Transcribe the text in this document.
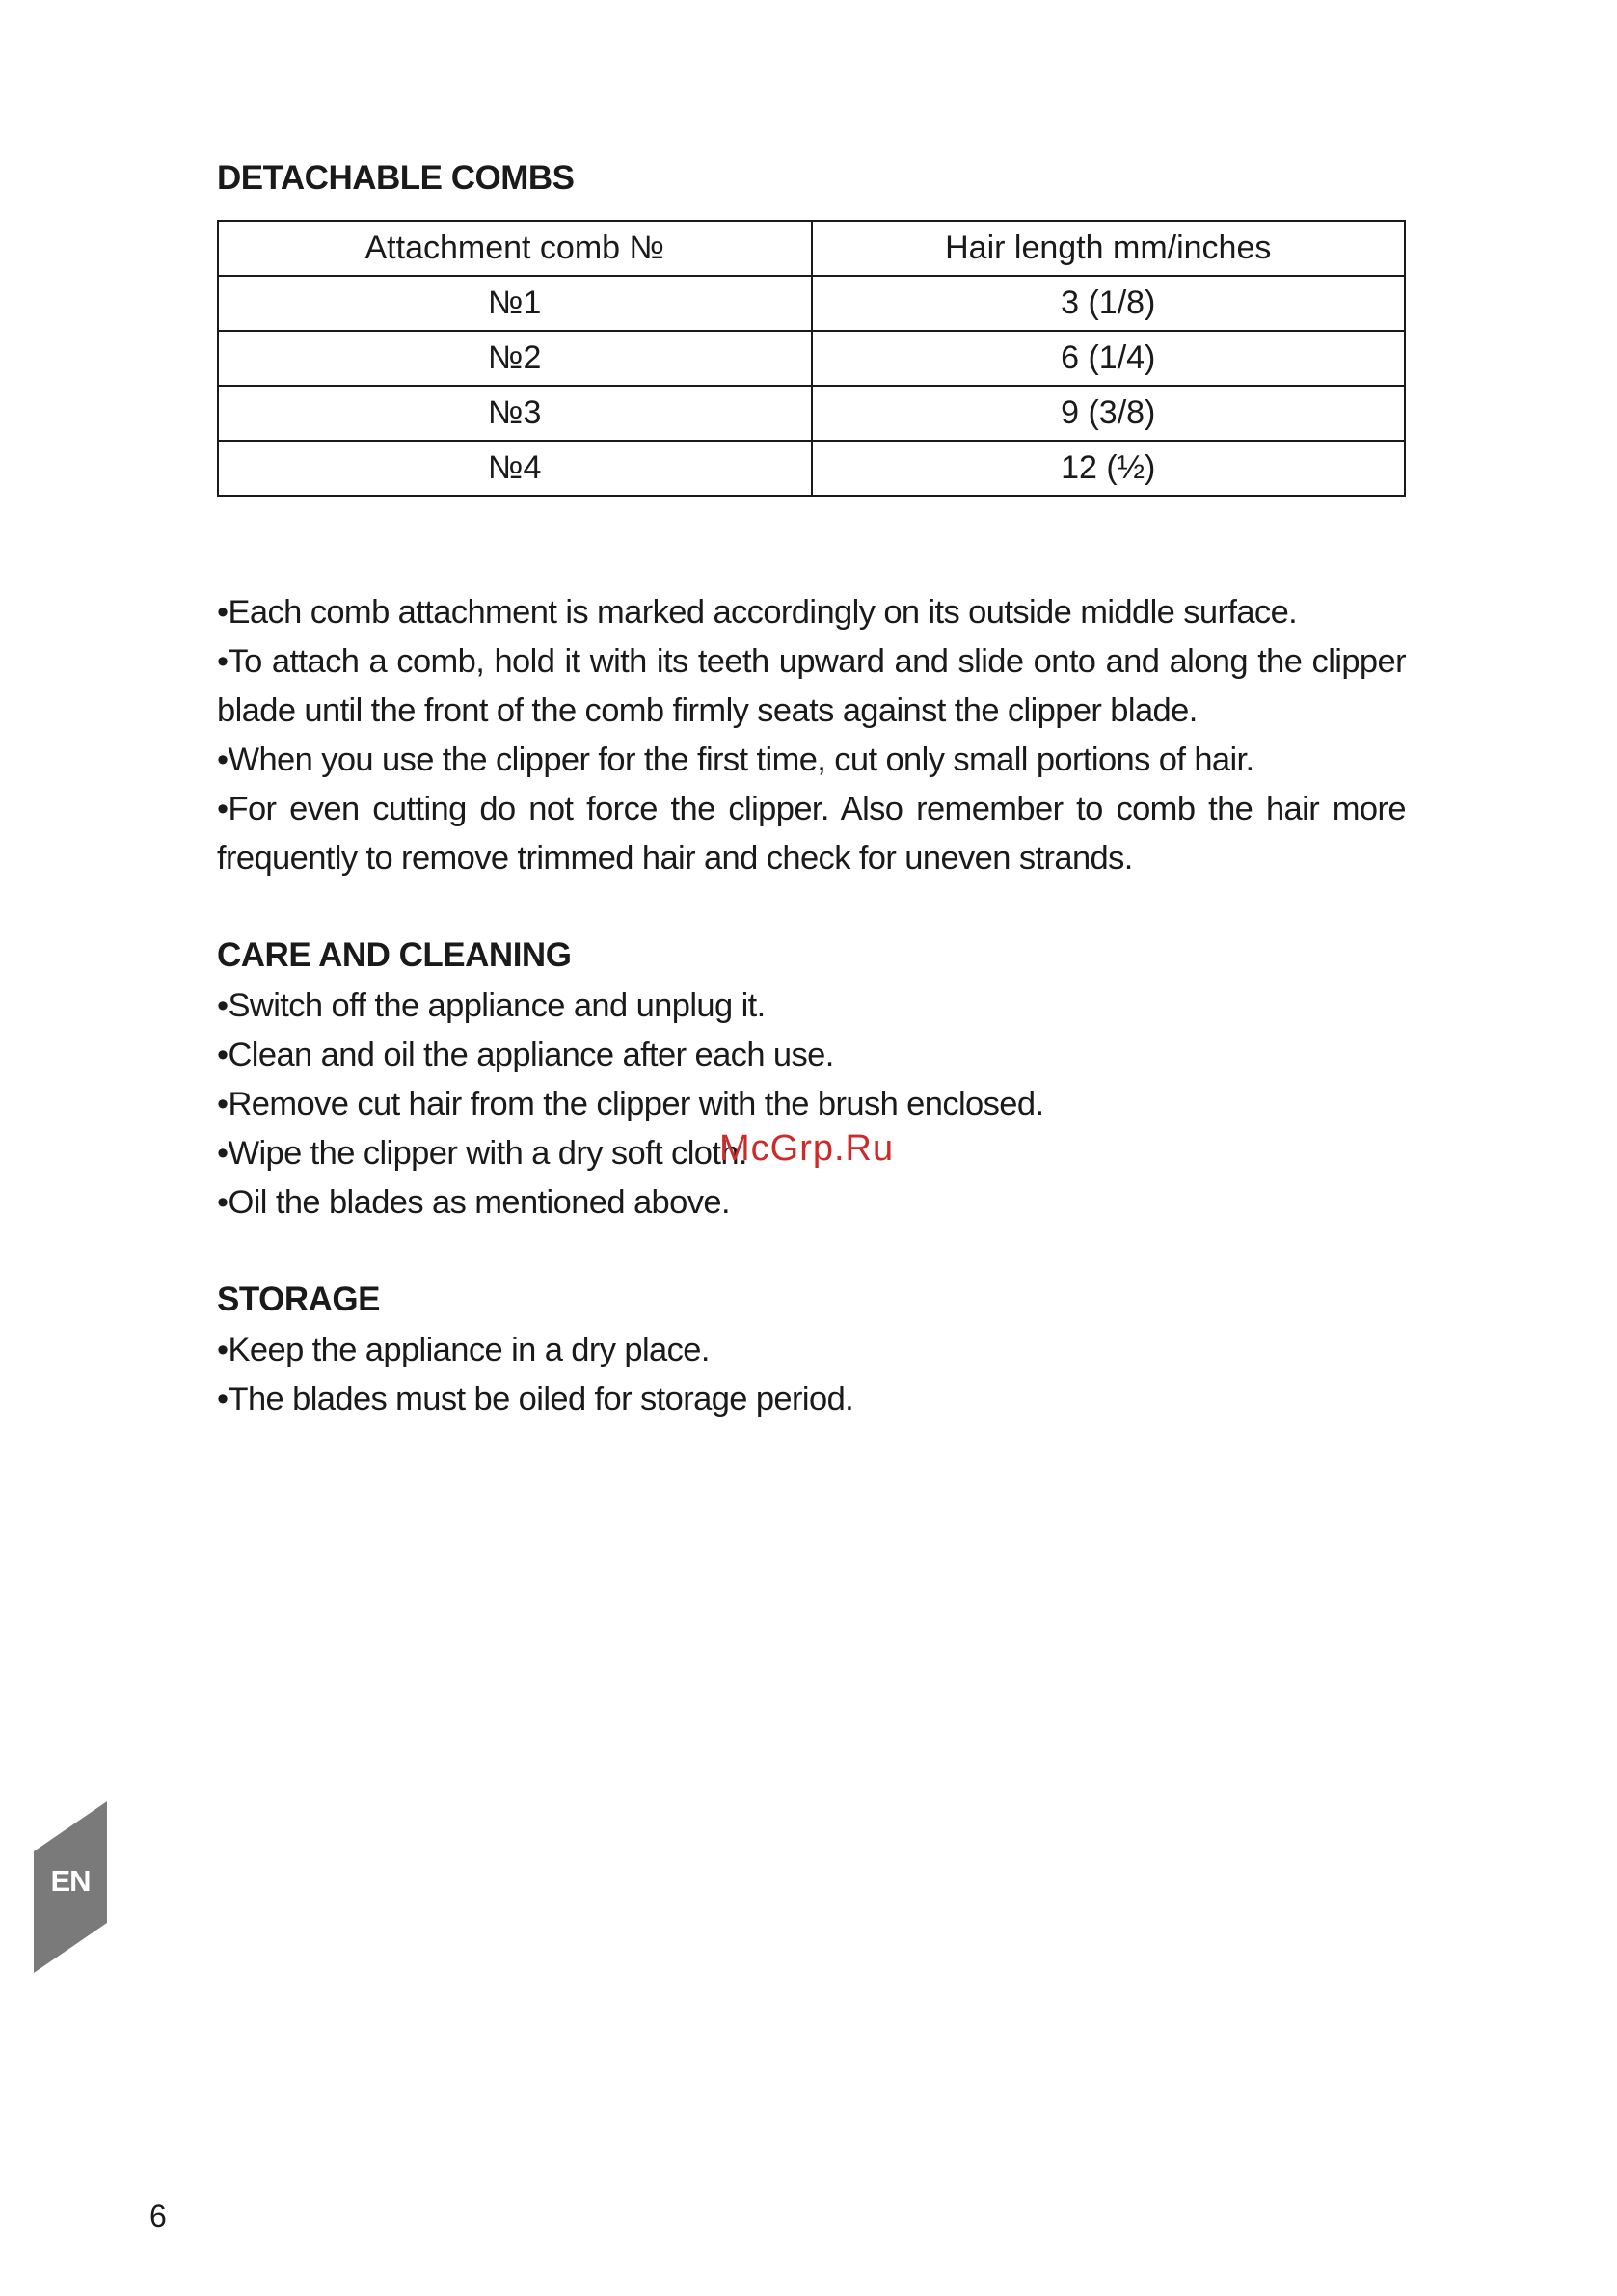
DETACHABLE COMBS
Attachment comb №	Hair length mm/inches
№1	3 (1/8)
№2	6 (1/4)
№3	9 (3/8)
№4	12 (½)
•Each comb attachment is marked accordingly on its outside middle surface.
•To attach a comb, hold it with its teeth upward and slide onto and along the clipper blade until the front of the comb firmly seats against the clipper blade.
•When you use the clipper for the first time, cut only small portions of hair.
•For even cutting do not force the clipper. Also remember to comb the hair more frequently to remove trimmed hair and check for uneven strands.
CARE AND CLEANING
•Switch off the appliance and unplug it.
•Clean and oil the appliance after each use.
•Remove cut hair from the clipper with the brush enclosed.
•Wipe the clipper with a dry soft cloth.
•Oil the blades as mentioned above.
STORAGE
•Keep the appliance in a dry place.
•The blades must be oiled for storage period.
McGrp.Ru
EN
6
